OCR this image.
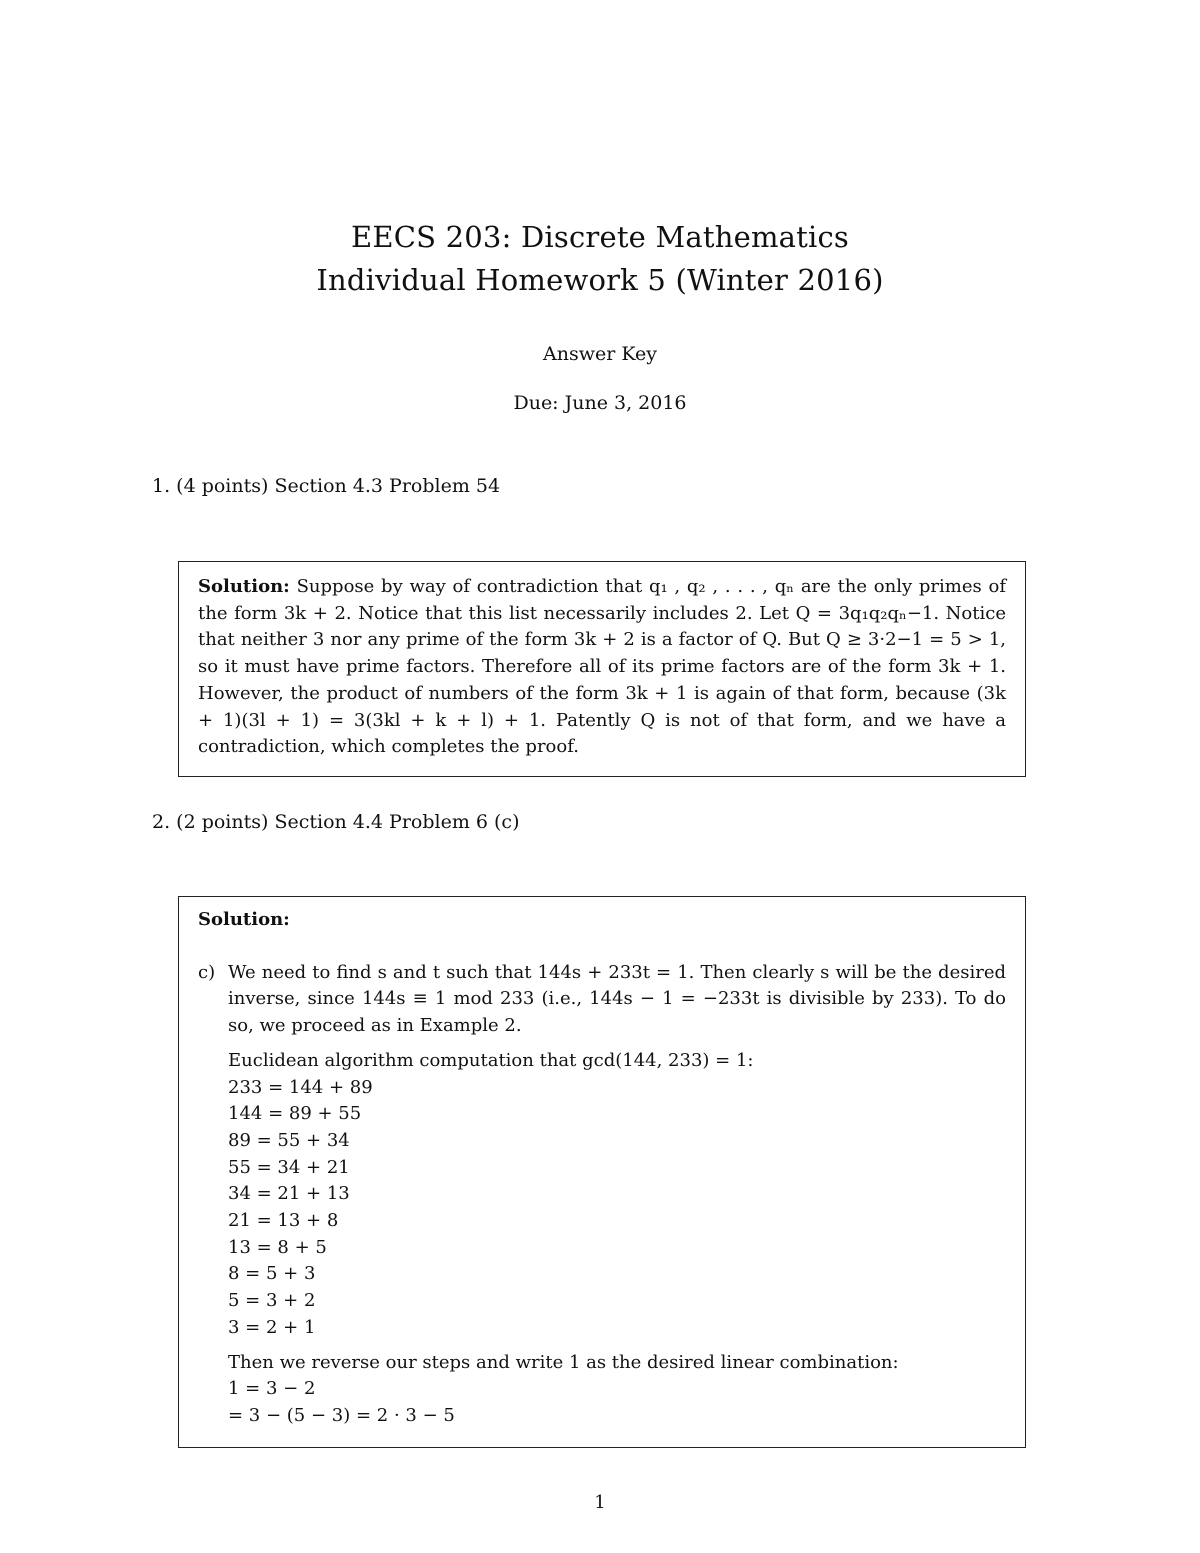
EECS 203: Discrete Mathematics
Individual Homework 5 (Winter 2016)
Answer Key
Due: June 3, 2016
1. (4 points) Section 4.3 Problem 54
Solution: Suppose by way of contradiction that q₁ , q₂ , . . . , qₙ are the only primes of the form 3k + 2. Notice that this list necessarily includes 2. Let Q = 3q₁q₂qₙ−1. Notice that neither 3 nor any prime of the form 3k + 2 is a factor of Q. But Q ≥ 3·2−1 = 5 > 1, so it must have prime factors. Therefore all of its prime factors are of the form 3k + 1. However, the product of numbers of the form 3k + 1 is again of that form, because (3k + 1)(3l + 1) = 3(3kl + k + l) + 1. Patently Q is not of that form, and we have a contradiction, which completes the proof.
2. (2 points) Section 4.4 Problem 6 (c)
Solution:
c) We need to find s and t such that 144s + 233t = 1. Then clearly s will be the desired inverse, since 144s ≡ 1 mod 233 (i.e., 144s − 1 = −233t is divisible by 233). To do so, we proceed as in Example 2.
Euclidean algorithm computation that gcd(144, 233) = 1:
233 = 144 + 89
144 = 89 + 55
89 = 55 + 34
55 = 34 + 21
34 = 21 + 13
21 = 13 + 8
13 = 8 + 5
8 = 5 + 3
5 = 3 + 2
3 = 2 + 1
Then we reverse our steps and write 1 as the desired linear combination:
1 = 3 − 2
= 3 − (5 − 3) = 2 · 3 − 5
1
